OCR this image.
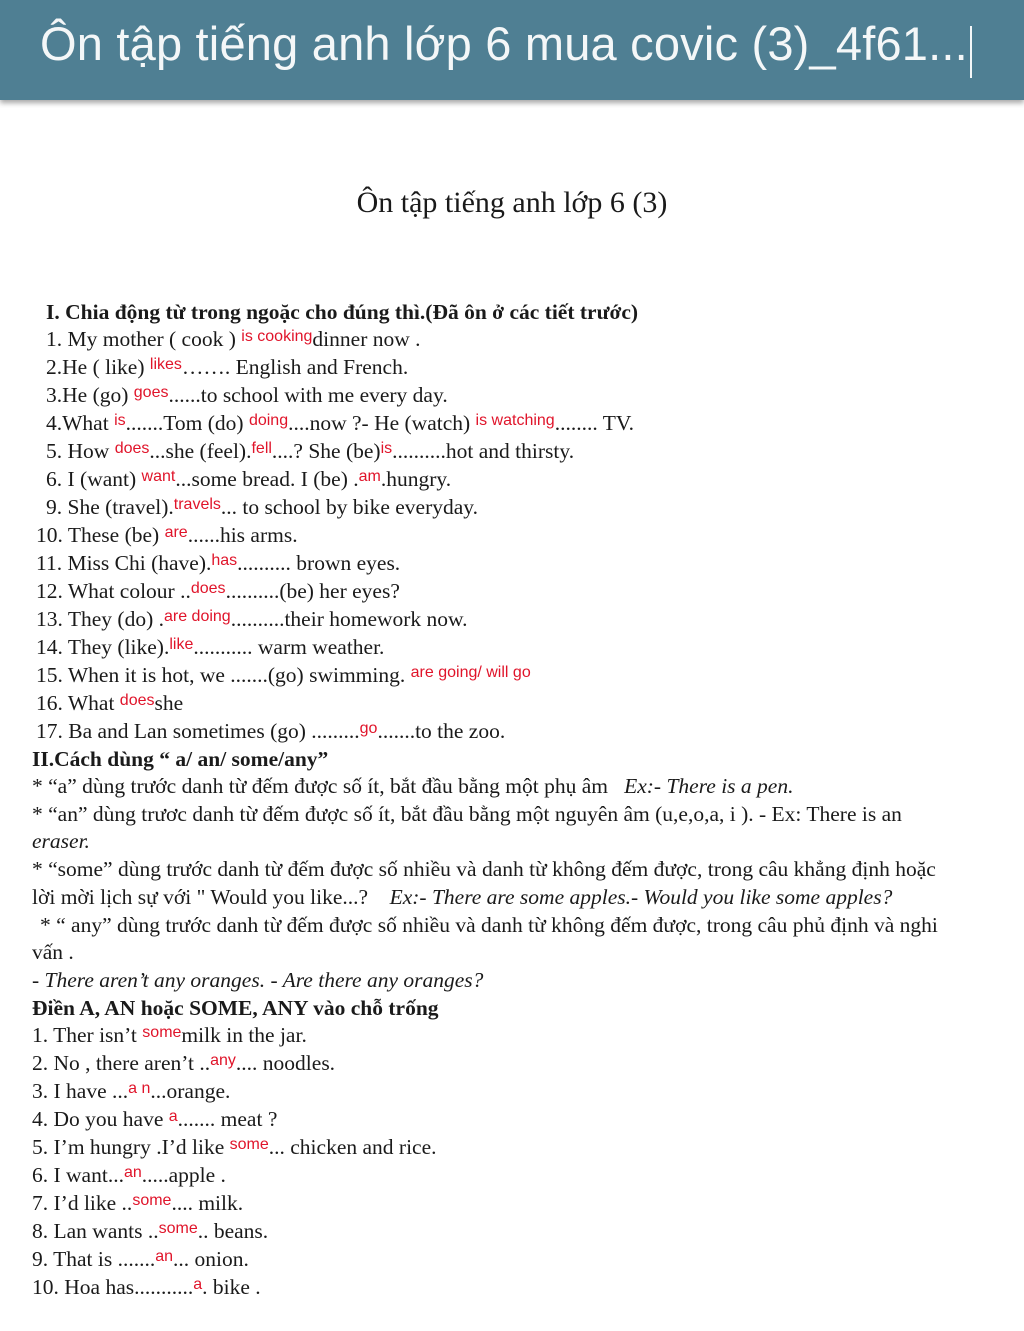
Ôn tập tiếng anh lớp 6 mua covic (3)_4f61...
Ôn tập tiếng anh lớp 6 (3)
I. Chia động từ trong ngoặc cho đúng thì.(Đã ôn ở các tiết trước)
1. My mother ( cook ) $^{is cooking}$dinner now .
2.He ( like) $^{likes}$……. English and French.
3.He (go) $^{goes}$......to school with me every day.
4.What $^{is}$.......Tom (do) $^{doing}$....now ?- He (watch) $^{is watching}$........ TV.
5. How $^{does}$...she (feel).$^{fell}$....? She (be)$^{is}$..........hot and thirsty.
6. I (want) $^{want}$...some bread. I (be) .$^{am}$.hungry.
9. She (travel).$^{travels}$... to school by bike everyday.
10. These (be) $^{are}$......his arms.
11. Miss Chi (have).$^{has}$.......... brown eyes.
12. What colour ..$^{does}$..........(be) her eyes?
13. They (do) .$^{are doing}$..........their homework now.
14. They (like).$^{like}$........... warm weather.
15. When it is hot, we .......(go) swimming. $^{are going/ will go}$
16. What $^{does}$she
17. Ba and Lan sometimes (go) .........$^{go}$.......to the zoo.
II.Cách dùng “ a/ an/ some/any”
* “a” dùng trước danh từ đếm được số ít, bắt đầu bằng một phụ âm Ex:- There is a pen.
* “an” dùng trươc danh từ đếm được số ít, bắt đầu bằng một nguyên âm (u,e,o,a, i ). - Ex: There is an
eraser.
* “some” dùng trước danh từ đếm được số nhiều và danh từ không đếm được, trong câu khẳng định hoặc
lời mời lịch sự với " Would you like...? Ex:- There are some apples.- Would you like some apples?
* “ any” dùng trước danh từ đếm được số nhiều và danh từ không đếm được, trong câu phủ định và nghi
vấn .
- There aren’t any oranges. - Are there any oranges?
Điền A, AN hoặc SOME, ANY vào chỗ trống
1. Ther isn’t $^{some}$milk in the jar.
2. No , there aren’t ..$^{any}$.... noodles.
3. I have ...$^{a n}$...orange.
4. Do you have $^a$....... meat ?
5. I’m hungry .I’d like $^{some}$... chicken and rice.
6. I want...$^{an}$.....apple .
7. I’d like ..$^{some}$.... milk.
8. Lan wants ..$^{some}$.. beans.
9. That is .......$^{an}$... onion.
10. Hoa has...........$^a$. bike .
